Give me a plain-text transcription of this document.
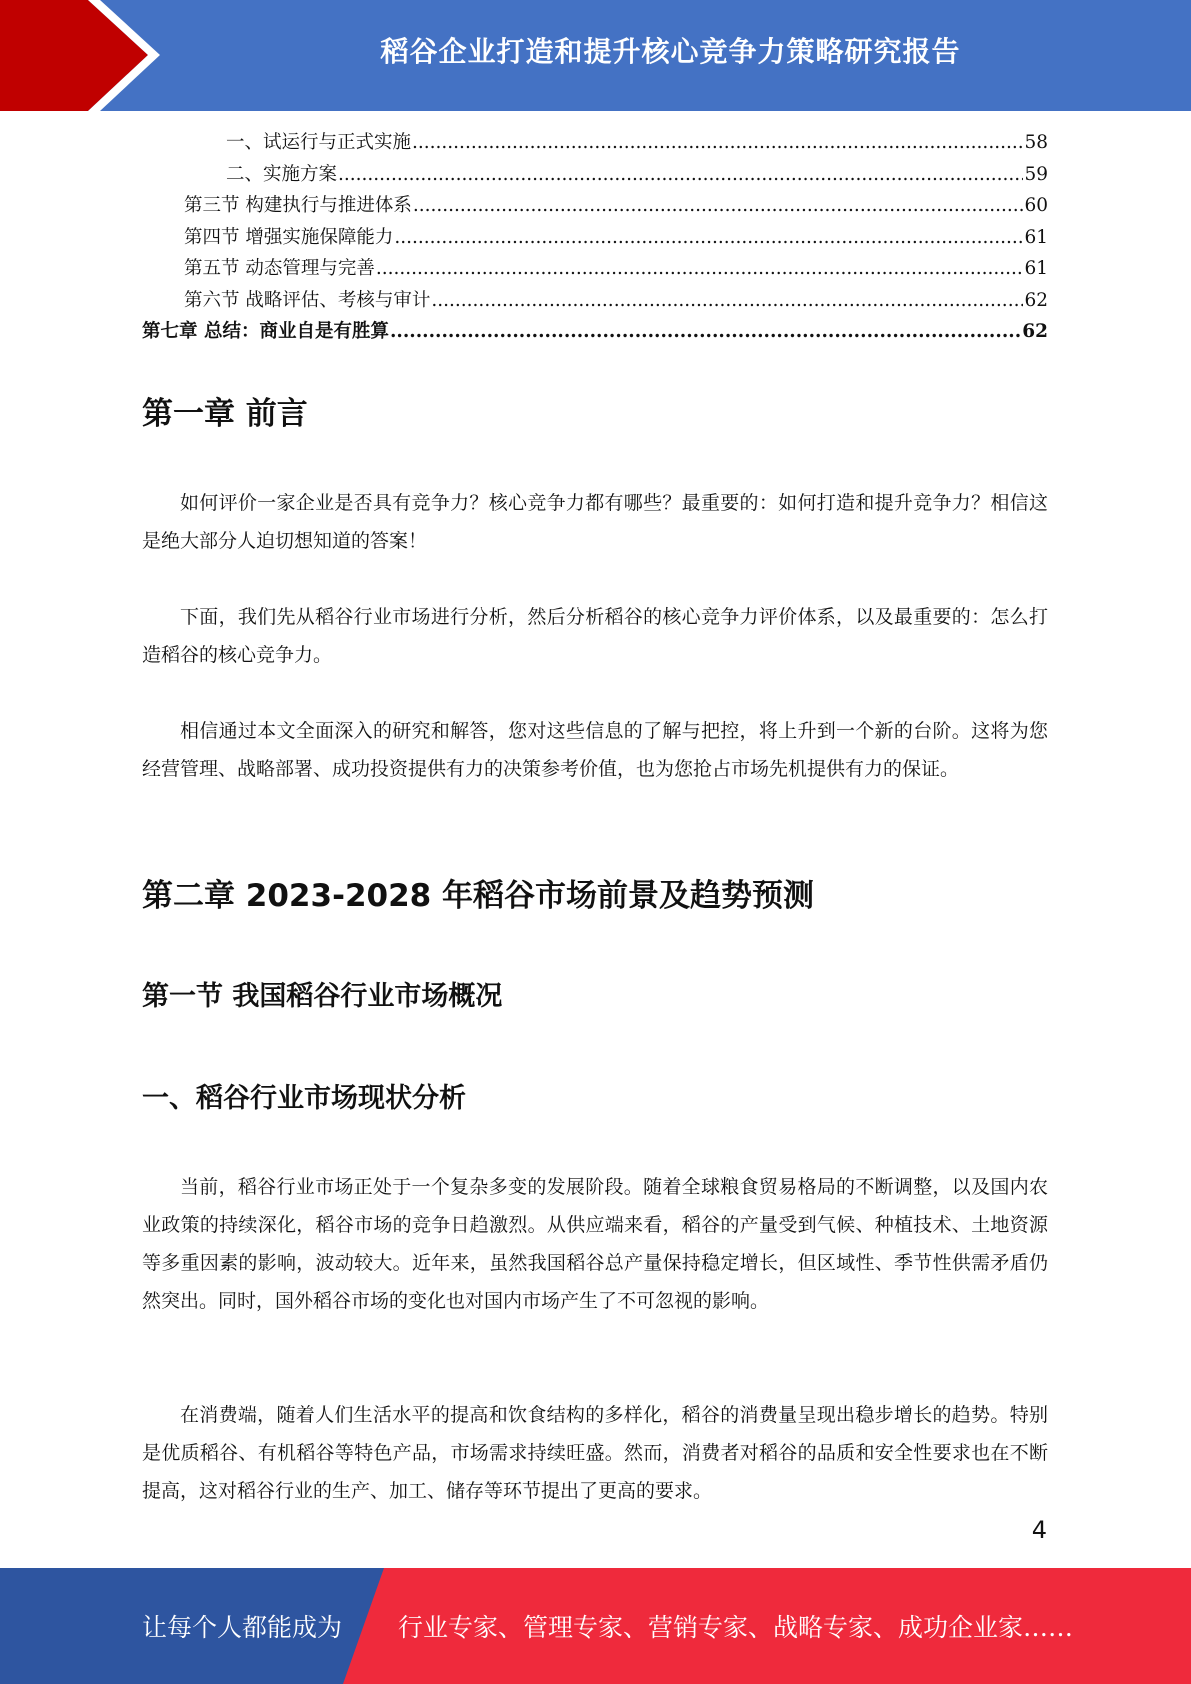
稻谷企业打造和提升核心竞争力策略研究报告
一、试运行与正式实施 .....	58
二、实施方案 .....	59
第三节 构建执行与推进体系 .....	60
第四节 增强实施保障能力 .....	61
第五节 动态管理与完善 .....	61
第六节 战略评估、考核与审计 .....	62
第七章 总结：商业自是有胜算 .....	62
第一章 前言

如何评价一家企业是否具有竞争力？核心竞争力都有哪些？最重要的：如何打造和提升竞争力？相信这是绝大部分人迫切想知道的答案！

下面，我们先从稻谷行业市场进行分析，然后分析稻谷的核心竞争力评价体系，以及最重要的：怎么打造稻谷的核心竞争力。

相信通过本文全面深入的研究和解答，您对这些信息的了解与把控，将上升到一个新的台阶。这将为您经营管理、战略部署、成功投资提供有力的决策参考价值，也为您抢占市场先机提供有力的保证。

第二章 2023-2028 年稻谷市场前景及趋势预测
第一节 我国稻谷行业市场概况
一、稻谷行业市场现状分析

当前，稻谷行业市场正处于一个复杂多变的发展阶段。随着全球粮食贸易格局的不断调整，以及国内农业政策的持续深化，稻谷市场的竞争日趋激烈。从供应端来看，稻谷的产量受到气候、种植技术、土地资源等多重因素的影响，波动较大。近年来，虽然我国稻谷总产量保持稳定增长，但区域性、季节性供需矛盾仍然突出。同时，国外稻谷市场的变化也对国内市场产生了不可忽视的影响。

在消费端，随着人们生活水平的提高和饮食结构的多样化，稻谷的消费量呈现出稳步增长的趋势。特别是优质稻谷、有机稻谷等特色产品，市场需求持续旺盛。然而，消费者对稻谷的品质和安全性要求也在不断提高，这对稻谷行业的生产、加工、储存等环节提出了更高的要求。

4
让每个人都能成为 行业专家、管理专家、营销专家、战略专家、成功企业家……
